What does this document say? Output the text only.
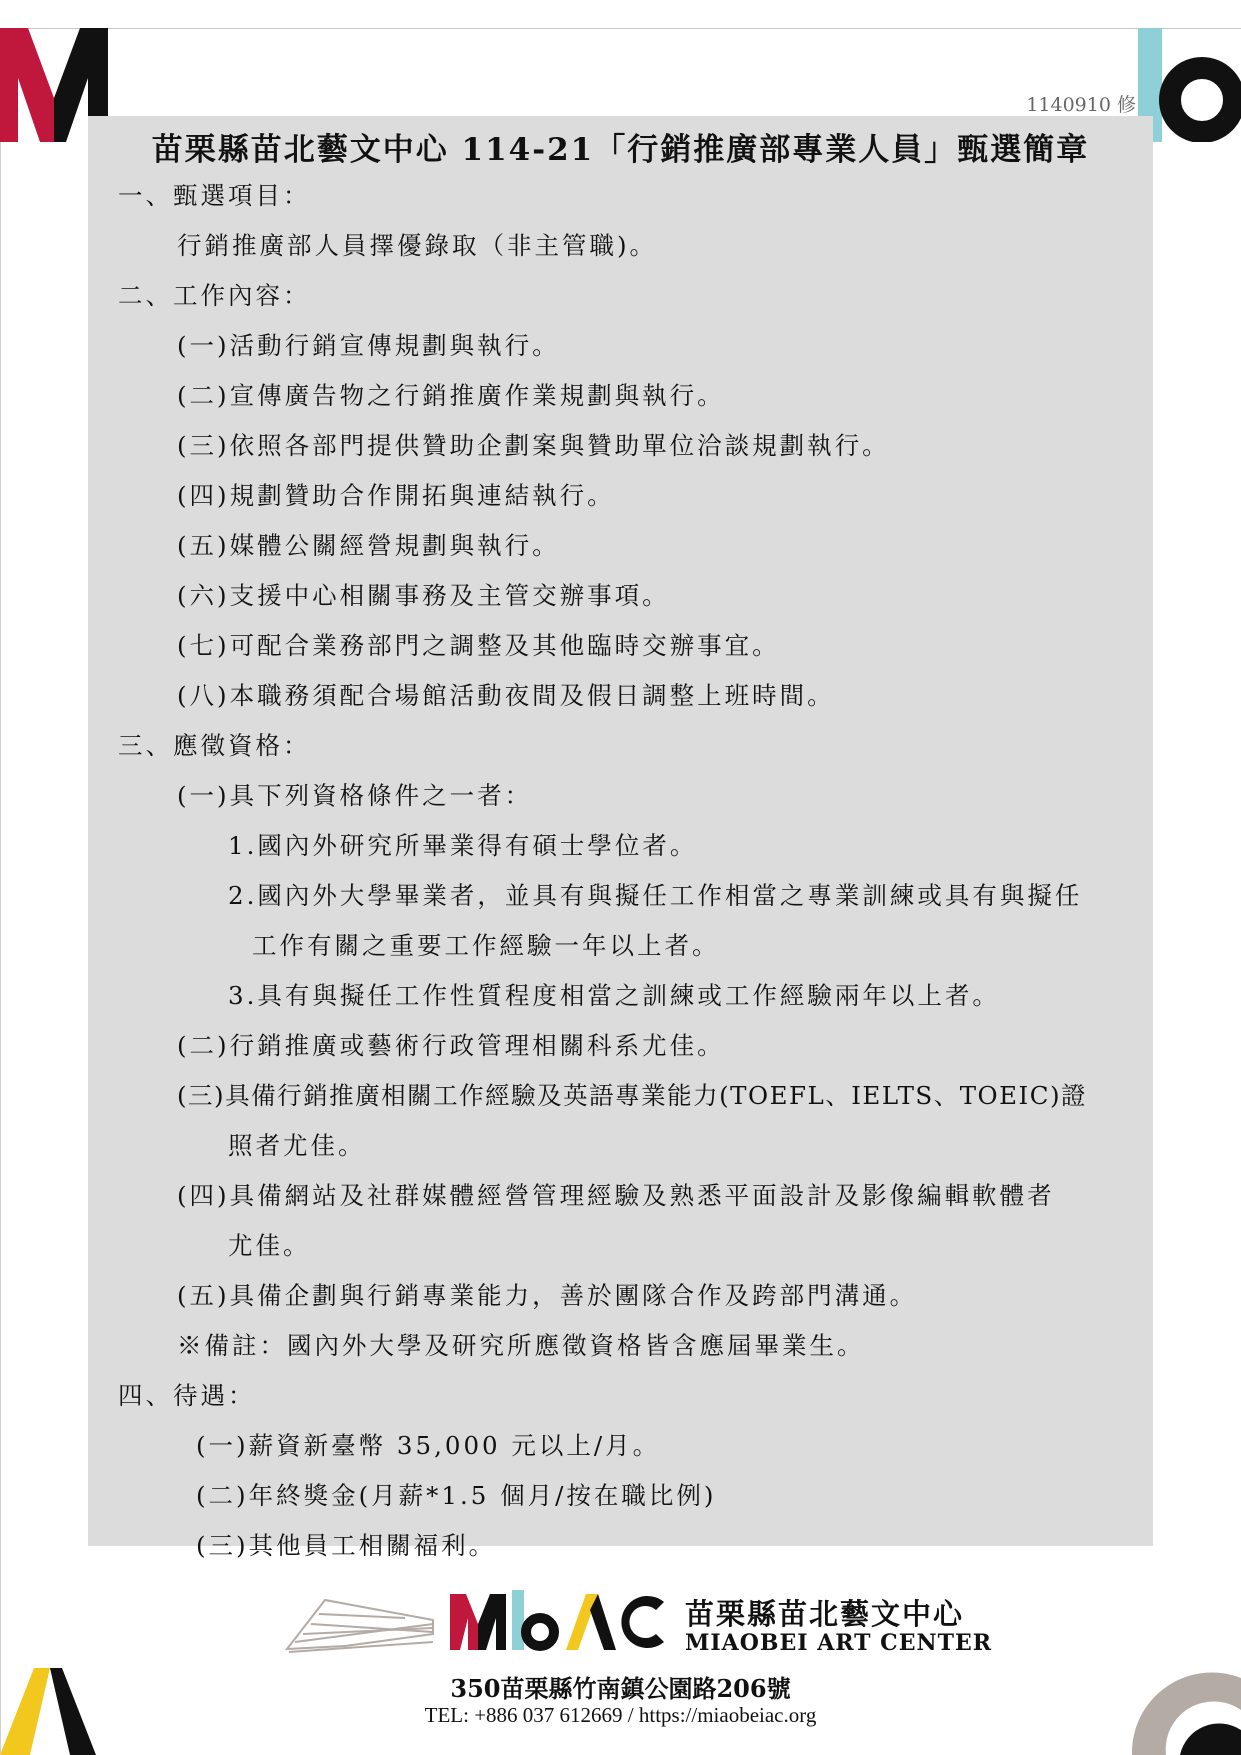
1140910 修
苗栗縣苗北藝文中心 114-21「行銷推廣部專業人員」甄選簡章
一、甄選項目：
行銷推廣部人員擇優錄取（非主管職)。
二、工作內容：
(一)活動行銷宣傳規劃與執行。
(二)宣傳廣告物之行銷推廣作業規劃與執行。
(三)依照各部門提供贊助企劃案與贊助單位洽談規劃執行。
(四)規劃贊助合作開拓與連結執行。
(五)媒體公關經營規劃與執行。
(六)支援中心相關事務及主管交辦事項。
(七)可配合業務部門之調整及其他臨時交辦事宜。
(八)本職務須配合場館活動夜間及假日調整上班時間。
三、應徵資格：
(一)具下列資格條件之一者：
1.國內外研究所畢業得有碩士學位者。
2.國內外大學畢業者，並具有與擬任工作相當之專業訓練或具有與擬任
工作有關之重要工作經驗一年以上者。
3.具有與擬任工作性質程度相當之訓練或工作經驗兩年以上者。
(二)行銷推廣或藝術行政管理相關科系尤佳。
(三)具備行銷推廣相關工作經驗及英語專業能力(TOEFL、IELTS、TOEIC)證
照者尤佳。
(四)具備網站及社群媒體經營管理經驗及熟悉平面設計及影像編輯軟體者
尤佳。
(五)具備企劃與行銷專業能力，善於團隊合作及跨部門溝通。
※備註：國內外大學及研究所應徵資格皆含應屆畢業生。
四、待遇：
(一)薪資新臺幣 35,000 元以上/月。
(二)年終獎金(月薪*1.5 個月/按在職比例)
(三)其他員工相關福利。
苗栗縣苗北藝文中心
MIAOBEI ART CENTER
350苗栗縣竹南鎮公園路206號
TEL: +886 037 612669 / https://miaobeiac.org
